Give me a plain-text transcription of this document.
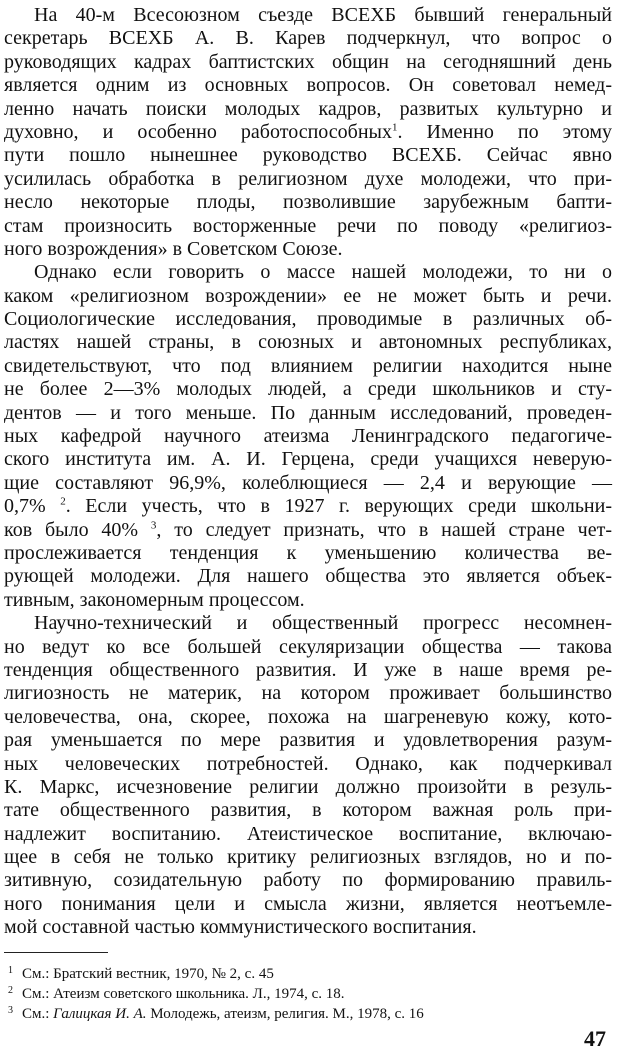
На 40-м Всесоюзном съезде ВСЕХБ бывший генеральный
секретарь ВСЕХБ А. В. Карев подчеркнул, что вопрос о
руководящих кадрах баптистских общин на сегодняшний день
является одним из основных вопросов. Он советовал немед-
ленно начать поиски молодых кадров, развитых культурно и
духовно, и особенно работоспособных$^1$. Именно по этому
пути пошло нынешнее руководство ВСЕХБ. Сейчас явно
усилилась обработка в религиозном духе молодежи, что при-
несло некоторые плоды, позволившие зарубежным бапти-
стам произносить восторженные речи по поводу «религиоз-
ного возрождения» в Советском Союзе.
Однако если говорить о массе нашей молодежи, то ни о
каком «религиозном возрождении» ее не может быть и речи.
Социологические исследования, проводимые в различных об-
ластях нашей страны, в союзных и автономных республиках,
свидетельствуют, что под влиянием религии находится ныне
не более 2—3% молодых людей, а среди школьников и сту-
дентов — и того меньше. По данным исследований, проведен-
ных кафедрой научного атеизма Ленинградского педагогиче-
ского института им. А. И. Герцена, среди учащихся неверую-
щие составляют 96,9%, колеблющиеся — 2,4 и верующие —
0,7% $^2$. Если учесть, что в 1927 г. верующих среди школьни-
ков было 40% $^3$, то следует признать, что в нашей стране чет-
прослеживается тенденция к уменьшению количества ве-
рующей молодежи. Для нашего общества это является объек-
тивным, закономерным процессом.
Научно-технический и общественный прогресс несомнен-
но ведут ко все большей секуляризации общества — такова
тенденция общественного развития. И уже в наше время ре-
лигиозность не материк, на котором проживает большинство
человечества, она, скорее, похожа на шагреневую кожу, кото-
рая уменьшается по мере развития и удовлетворения разум-
ных человеческих потребностей. Однако, как подчеркивал
К. Маркс, исчезновение религии должно произойти в резуль-
тате общественного развития, в котором важная роль при-
надлежит воспитанию. Атеистическое воспитание, включаю-
щее в себя не только критику религиозных взглядов, но и по-
зитивную, созидательную работу по формированию правиль-
ного понимания цели и смысла жизни, является неотъемле-
мой составной частью коммунистического воспитания.
1 См.: Братский вестник, 1970, № 2, с. 45
2 См.: Атеизм советского школьника. Л., 1974, с. 18.
3 См.: Галицкая И. А. Молодежь, атеизм, религия. М., 1978, с. 16
47
